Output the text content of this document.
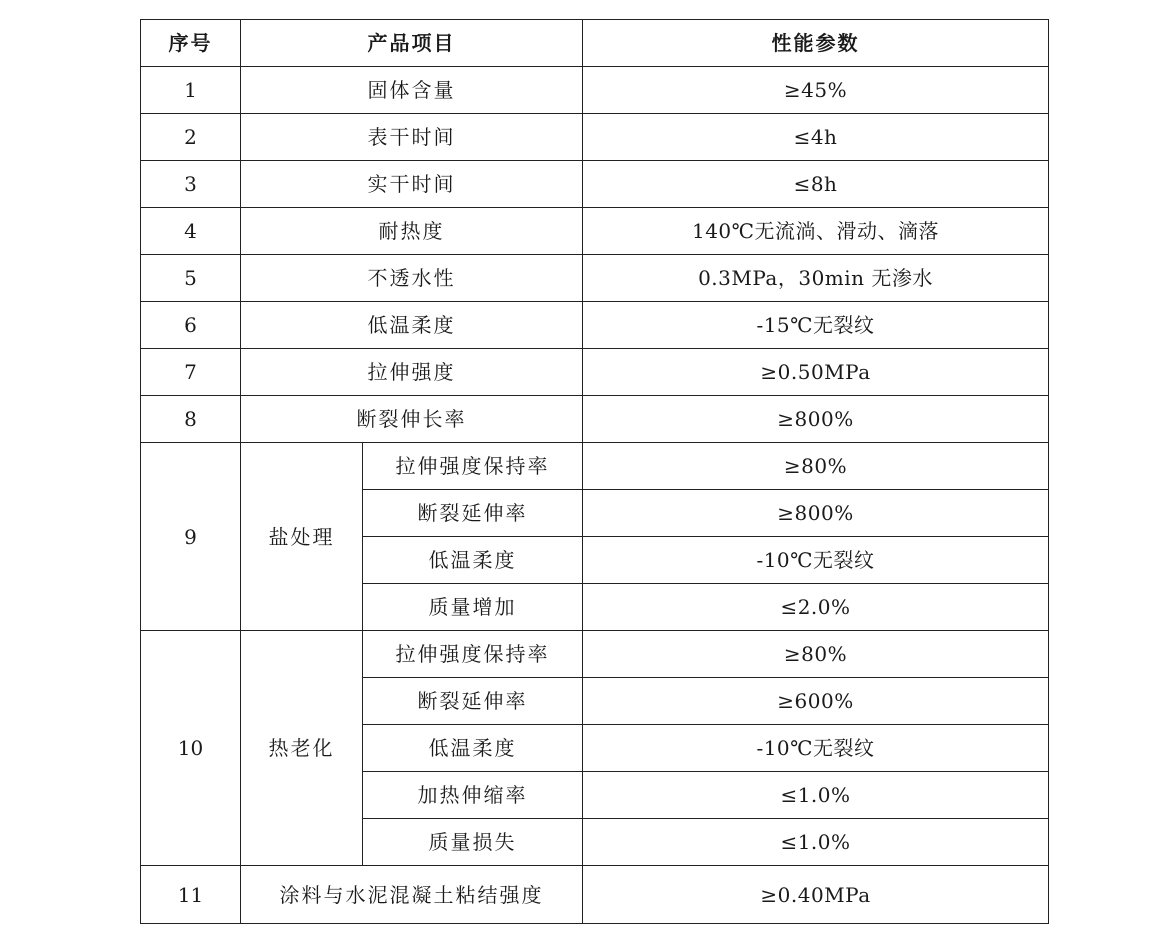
序号	产品项目		性能参数
1	固体含量		≥45%
2	表干时间		≤4h
3	实干时间		≤8h
4	耐热度		140℃无流淌、滑动、滴落
5	不透水性		0.3MPa，30min 无渗水
6	低温柔度		-15℃无裂纹
7	拉伸强度		≥0.50MPa
8	断裂伸长率		≥800%
9	盐处理	拉伸强度保持率	≥80%
		断裂延伸率	≥800%
		低温柔度	-10℃无裂纹
		质量增加	≤2.0%
10	热老化	拉伸强度保持率	≥80%
		断裂延伸率	≥600%
		低温柔度	-10℃无裂纹
		加热伸缩率	≤1.0%
		质量损失	≤1.0%
11	涂料与水泥混凝土粘结强度		≥0.40MPa
